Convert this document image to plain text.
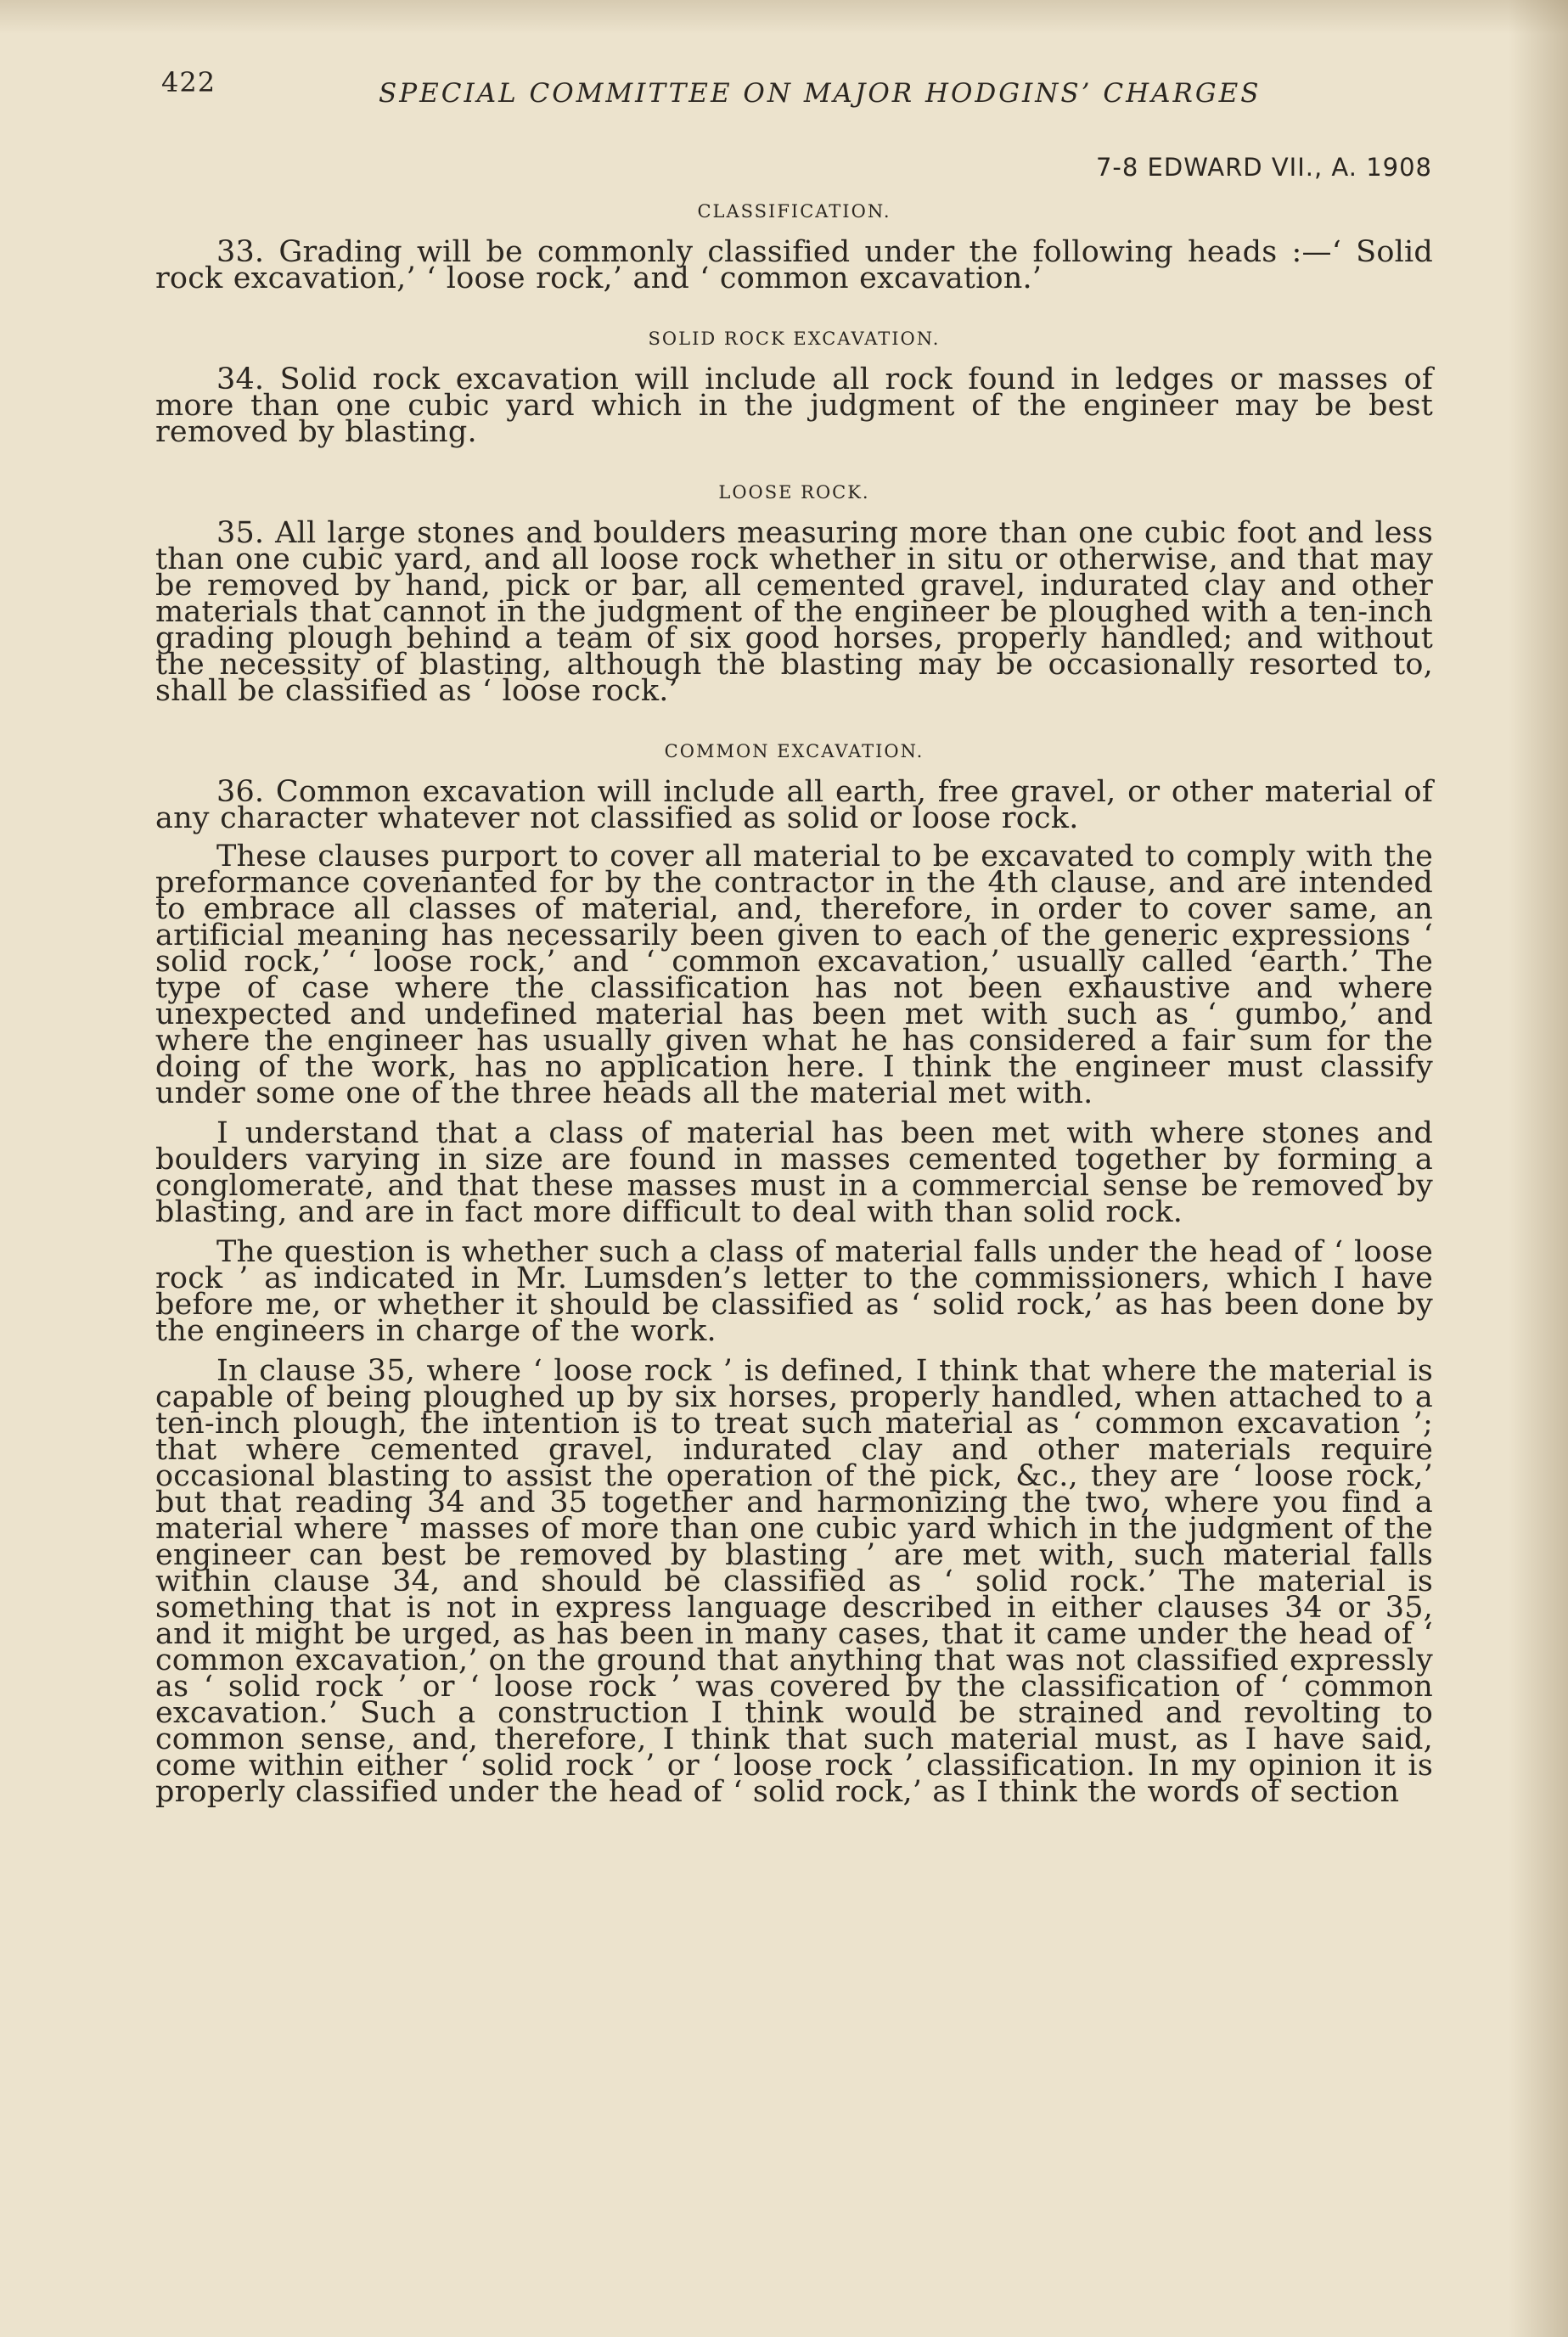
422	SPECIAL COMMITTEE ON MAJOR HODGINS’ CHARGES
7-8 EDWARD VII., A. 1908
CLASSIFICATION.

33. Grading will be commonly classified under the following heads :—‘ Solid rock excavation,’ ‘ loose rock,’ and ‘ common excavation.’

SOLID ROCK EXCAVATION.

34. Solid rock excavation will include all rock found in ledges or masses of more than one cubic yard which in the judgment of the engineer may be best removed by blasting.

LOOSE ROCK.

35. All large stones and boulders measuring more than one cubic foot and less than one cubic yard, and all loose rock whether in situ or otherwise, and that may be removed by hand, pick or bar, all cemented gravel, indurated clay and other materials that cannot in the judgment of the engineer be ploughed with a ten-inch grading plough behind a team of six good horses, properly handled; and without the necessity of blasting, although the blasting may be occasionally resorted to, shall be classified as ‘ loose rock.’

COMMON EXCAVATION.

36. Common excavation will include all earth, free gravel, or other material of any character whatever not classified as solid or loose rock.

These clauses purport to cover all material to be excavated to comply with the preformance covenanted for by the contractor in the 4th clause, and are intended to embrace all classes of material, and, therefore, in order to cover same, an artificial meaning has necessarily been given to each of the generic expressions ‘ solid rock,’ ‘ loose rock,’ and ‘ common excavation,’ usually called ‘earth.’ The type of case where the classification has not been exhaustive and where unexpected and undefined material has been met with such as ‘ gumbo,’ and where the engineer has usually given what he has considered a fair sum for the doing of the work, has no application here. I think the engineer must classify under some one of the three heads all the material met with.

I understand that a class of material has been met with where stones and boulders varying in size are found in masses cemented together by forming a conglomerate, and that these masses must in a commercial sense be removed by blasting, and are in fact more difficult to deal with than solid rock.

The question is whether such a class of material falls under the head of ‘ loose rock ’ as indicated in Mr. Lumsden’s letter to the commissioners, which I have before me, or whether it should be classified as ‘ solid rock,’ as has been done by the engineers in charge of the work.

In clause 35, where ‘ loose rock ’ is defined, I think that where the material is capable of being ploughed up by six horses, properly handled, when attached to a ten-inch plough, the intention is to treat such material as ‘ common excavation ’; that where cemented gravel, indurated clay and other materials require occasional blasting to assist the operation of the pick, &c., they are ‘ loose rock,’ but that reading 34 and 35 together and harmonizing the two, where you find a material where ‘ masses of more than one cubic yard which in the judgment of the engineer can best be removed by blasting ’ are met with, such material falls within clause 34, and should be classified as ‘ solid rock.’ The material is something that is not in express language described in either clauses 34 or 35, and it might be urged, as has been in many cases, that it came under the head of ‘ common excavation,’ on the ground that anything that was not classified expressly as ‘ solid rock ’ or ‘ loose rock ’ was covered by the classification of ‘ common excavation.’ Such a construction I think would be strained and revolting to common sense, and, therefore, I think that such material must, as I have said, come within either ‘ solid rock ’ or ‘ loose rock ’ classification. In my opinion it is properly classified under the head of ‘ solid rock,’ as I think the words of section
